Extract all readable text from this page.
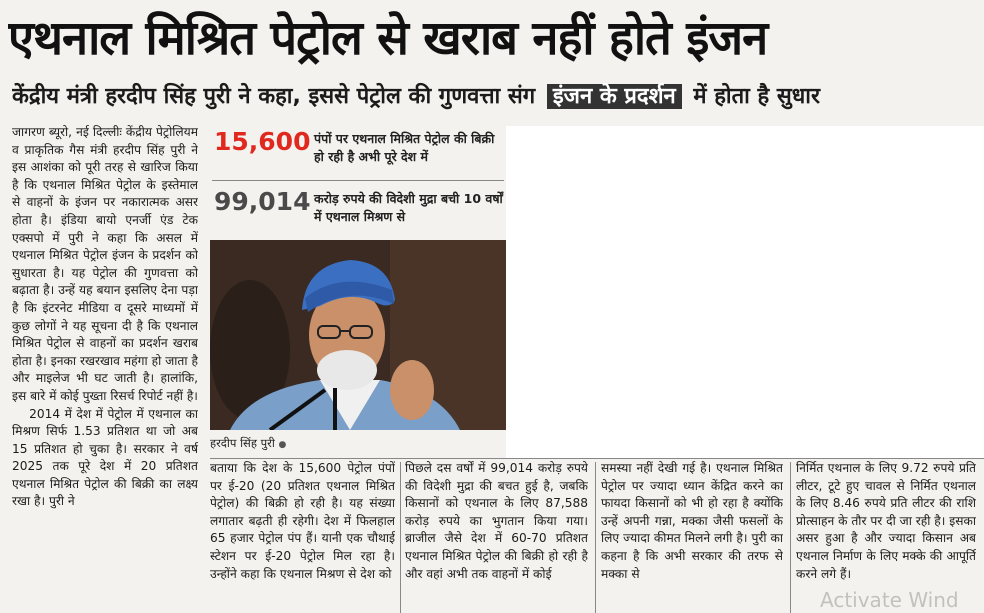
एथनाल मिश्रित पेट्रोल से खराब नहीं होते इंजन
केंद्रीय मंत्री हरदीप सिंह पुरी ने कहा, इससे पेट्रोल की गुणवत्ता संग इंजन के प्रदर्शन में होता है सुधार

जागरण ब्यूरो, नई दिल्लीः केंद्रीय पेट्रोलियम व प्राकृतिक गैस मंत्री हरदीप सिंह पुरी ने इस आशंका को पूरी तरह से खारिज किया है कि एथनाल मिश्रित पेट्रोल के इस्तेमाल से वाहनों के इंजन पर नकारात्मक असर होता है। इंडिया बायो एनर्जी एंड टेक एक्सपो में पुरी ने कहा कि असल में एथनाल मिश्रित पेट्रोल इंजन के प्रदर्शन को सुधारता है। यह पेट्रोल की गुणवत्ता को बढ़ाता है। उन्हें यह बयान इसलिए देना पड़ा है कि इंटरनेट मीडिया व दूसरे माध्यमों में कुछ लोगों ने यह सूचना दी है कि एथनाल मिश्रित पेट्रोल से वाहनों का प्रदर्शन खराब होता है। इनका रखरखाव महंगा हो जाता है और माइलेज भी घट जाती है। हालांकि, इस बारे में कोई पुख्ता रिसर्च रिपोर्ट नहीं है।

2014 में देश में पेट्रोल में एथनाल का मिश्रण सिर्फ 1.53 प्रतिशत था जो अब 15 प्रतिशत हो चुका है। सरकार ने वर्ष 2025 तक पूरे देश में 20 प्रतिशत एथनाल मिश्रित पेट्रोल की बिक्री का लक्ष्य रखा है। पुरी ने

15,600 पंपों पर एथनाल मिश्रित पेट्रोल की बिक्री हो रही है अभी पूरे देश में
99,014 करोड़ रुपये की विदेशी मुद्रा बची 10 वर्षों में एथनाल मिश्रण से
हरदीप सिंह पुरी ●
बताया कि देश के 15,600 पेट्रोल पंपों पर ई-20 (20 प्रतिशत एथनाल मिश्रित पेट्रोल) की बिक्री हो रही है। यह संख्या लगातार बढ़ती ही रहेगी। देश में फिलहाल 65 हजार पेट्रोल पंप हैं। यानी एक चौथाई स्टेशन पर ई-20 पेट्रोल मिल रहा है। उन्होंने कहा कि एथनाल मिश्रण से देश को
पिछले दस वर्षों में 99,014 करोड़ रुपये की विदेशी मुद्रा की बचत हुई है, जबकि किसानों को एथनाल के लिए 87,588 करोड़ रुपये का भुगतान किया गया। ब्राजील जैसे देश में 60-70 प्रतिशत एथनाल मिश्रित पेट्रोल की बिक्री हो रही है और वहां अभी तक वाहनों में कोई
समस्या नहीं देखी गई है। एथनाल मिश्रित पेट्रोल पर ज्यादा ध्यान केंद्रित करने का फायदा किसानों को भी हो रहा है क्योंकि उन्हें अपनी गन्ना, मक्का जैसी फसलों के लिए ज्यादा कीमत मिलने लगी है। पुरी का कहना है कि अभी सरकार की तरफ से मक्का से
निर्मित एथनाल के लिए 9.72 रुपये प्रति लीटर, टूटे हुए चावल से निर्मित एथनाल के लिए 8.46 रुपये प्रति लीटर की राशि प्रोत्साहन के तौर पर दी जा रही है। इसका असर हुआ है और ज्यादा किसान अब एथनाल निर्माण के लिए मक्के की आपूर्ति करने लगे हैं।
Activate Wind
